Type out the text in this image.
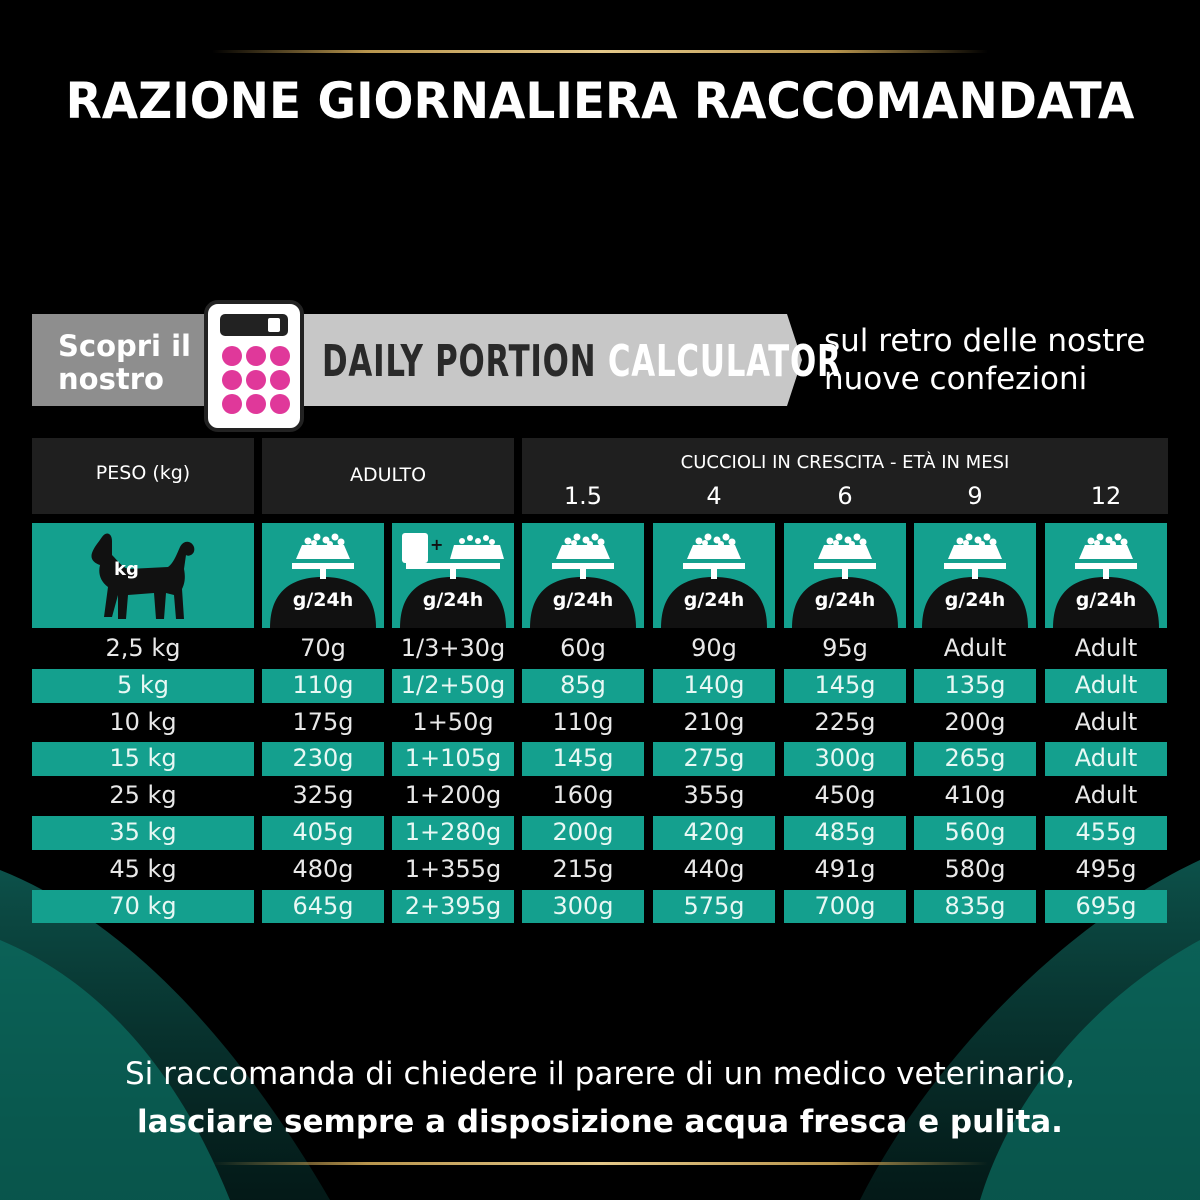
RAZIONE GIORNALIERA RACCOMANDATA
Scopri il
nostro	DAILY PORTION CALCULATOR
sul retro delle nostre
nuove confezioni
PESO (kg)	ADULTO
CUCCIOLI IN CRESCITA - ETÀ IN MESI
1.5	4	6	9	12
kg
g/24h
+
g/24h	g/24h	g/24h	g/24h	g/24h	g/24h
2,5 kg	70g	1/3+30g	60g	90g	95g	Adult	Adult
5 kg	110g	1/2+50g	85g	140g	145g	135g	Adult
10 kg	175g	1+50g	110g	210g	225g	200g	Adult
15 kg	230g	1+105g	145g	275g	300g	265g	Adult
25 kg	325g	1+200g	160g	355g	450g	410g	Adult
35 kg	405g	1+280g	200g	420g	485g	560g	455g
45 kg	480g	1+355g	215g	440g	491g	580g	495g
70 kg	645g	2+395g	300g	575g	700g	835g	695g
Si raccomanda di chiedere il parere di un medico veterinario,
lasciare sempre a disposizione acqua fresca e pulita.
